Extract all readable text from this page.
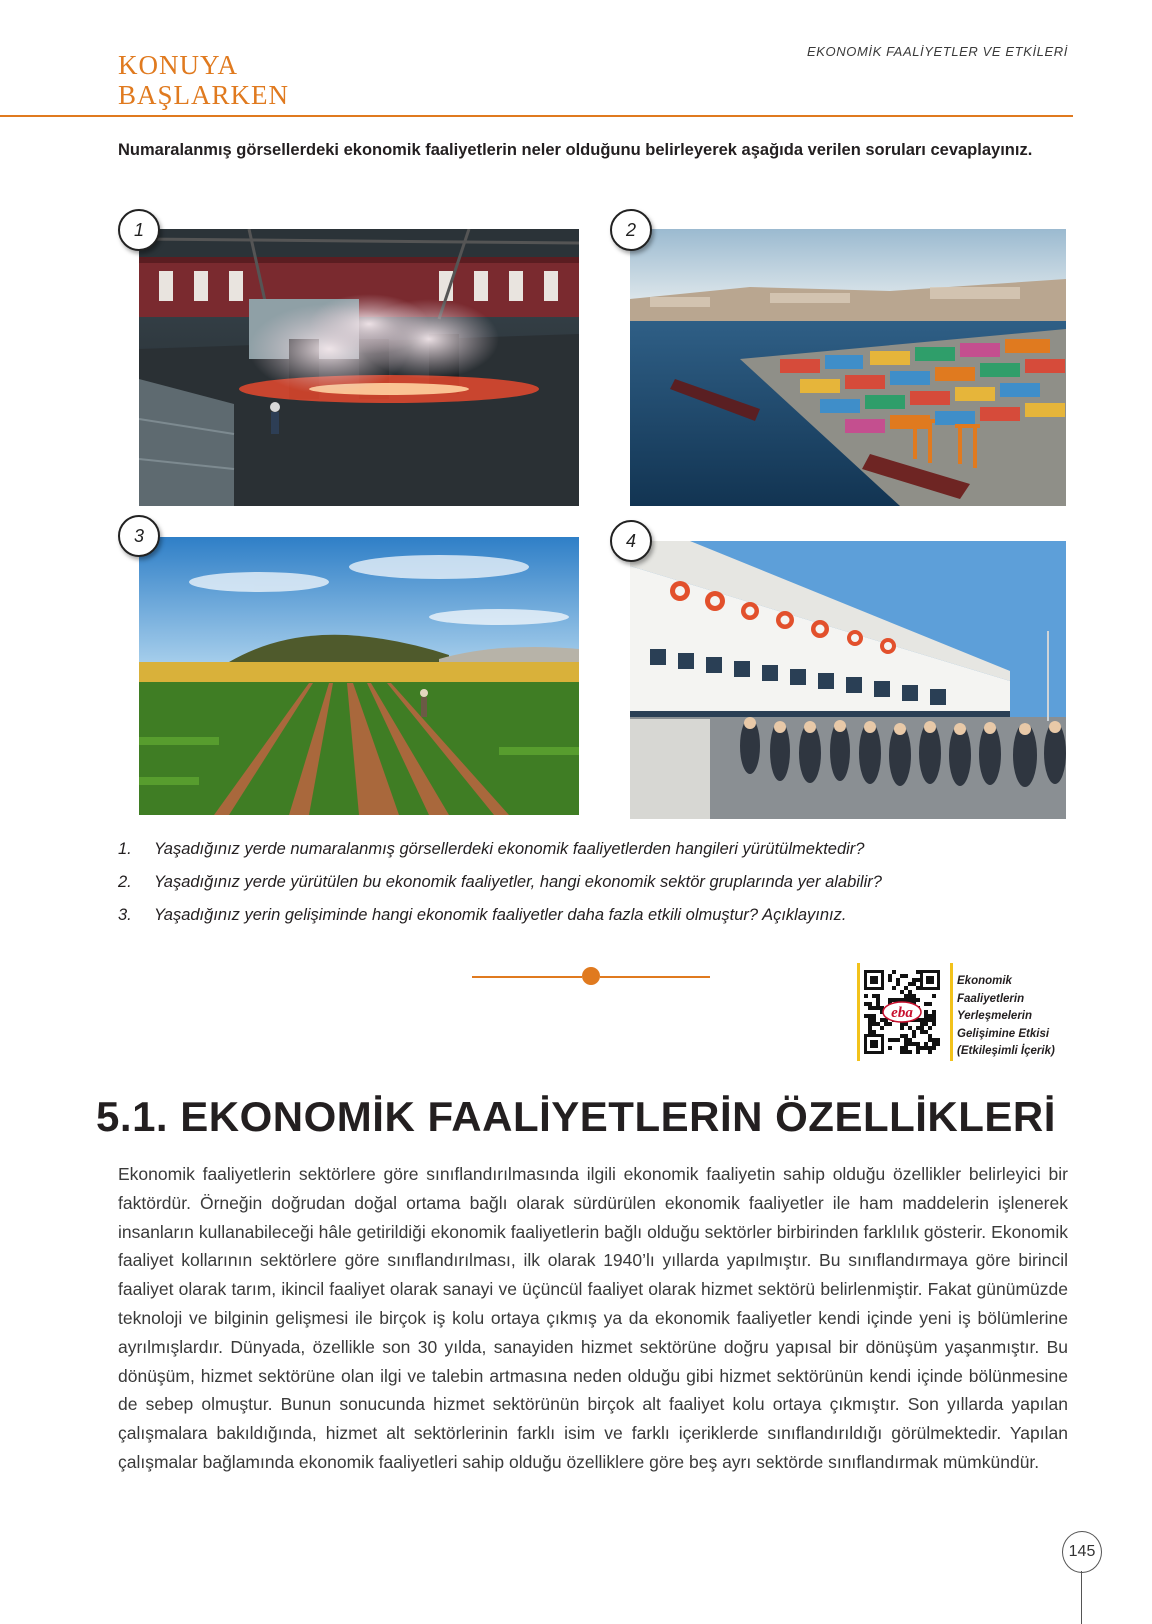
KONUYA
BAŞLARKEN
EKONOMİK FAALİYETLER VE ETKİLERİ
Numaralanmış görsellerdeki ekonomik faaliyetlerin neler olduğunu belirleyerek aşağıda verilen soruları cevaplayınız.
1	2
3	4
1.	Yaşadığınız yerde numaralanmış görsellerdeki ekonomik faaliyetlerden hangileri yürütülmektedir?
2.	Yaşadığınız yerde yürütülen bu ekonomik faaliyetler, hangi ekonomik sektör gruplarında yer alabilir?
3.	Yaşadığınız yerin gelişiminde hangi ekonomik faaliyetler daha fazla etkili olmuştur? Açıklayınız.
eba
Ekonomik
Faaliyetlerin
Yerleşmelerin
Gelişimine Etkisi
(Etkileşimli İçerik)
5.1. EKONOMİK FAALİYETLERİN ÖZELLİKLERİ
Ekonomik faaliyetlerin sektörlere göre sınıflandırılmasında ilgili ekonomik faaliyetin sahip olduğu özellikler belirleyici bir faktördür. Örneğin doğrudan doğal ortama bağlı olarak sürdürülen ekonomik faaliyetler ile ham maddelerin işlenerek insanların kullanabileceği hâle getirildiği ekonomik faaliyetlerin bağlı olduğu sektörler birbirinden farklılık gösterir. Ekonomik faaliyet kollarının sektörlere göre sınıflandırılması, ilk olarak 1940’lı yıllarda yapılmıştır. Bu sınıflandırmaya göre birincil faaliyet olarak tarım, ikincil faaliyet olarak sanayi ve üçüncül faaliyet olarak hizmet sektörü belirlenmiştir. Fakat günümüzde teknoloji ve bilginin gelişmesi ile birçok iş kolu ortaya çıkmış ya da ekonomik faaliyetler kendi içinde yeni iş bölümlerine ayrılmışlardır. Dünyada, özellikle son 30 yılda, sanayiden hizmet sektörüne doğru yapısal bir dönüşüm yaşanmıştır. Bu dönüşüm, hizmet sektörüne olan ilgi ve talebin artmasına neden olduğu gibi hizmet sektörünün kendi içinde bölünmesine de sebep olmuştur. Bunun sonucunda hizmet sektörünün birçok alt faaliyet kolu ortaya çıkmıştır. Son yıllarda yapılan çalışmalara bakıldığında, hizmet alt sektörlerinin farklı isim ve farklı içeriklerde sınıflandırıldığı görülmektedir. Yapılan çalışmalar bağlamında ekonomik faaliyetleri sahip olduğu özelliklere göre beş ayrı sektörde sınıflandırmak mümkündür.
145
